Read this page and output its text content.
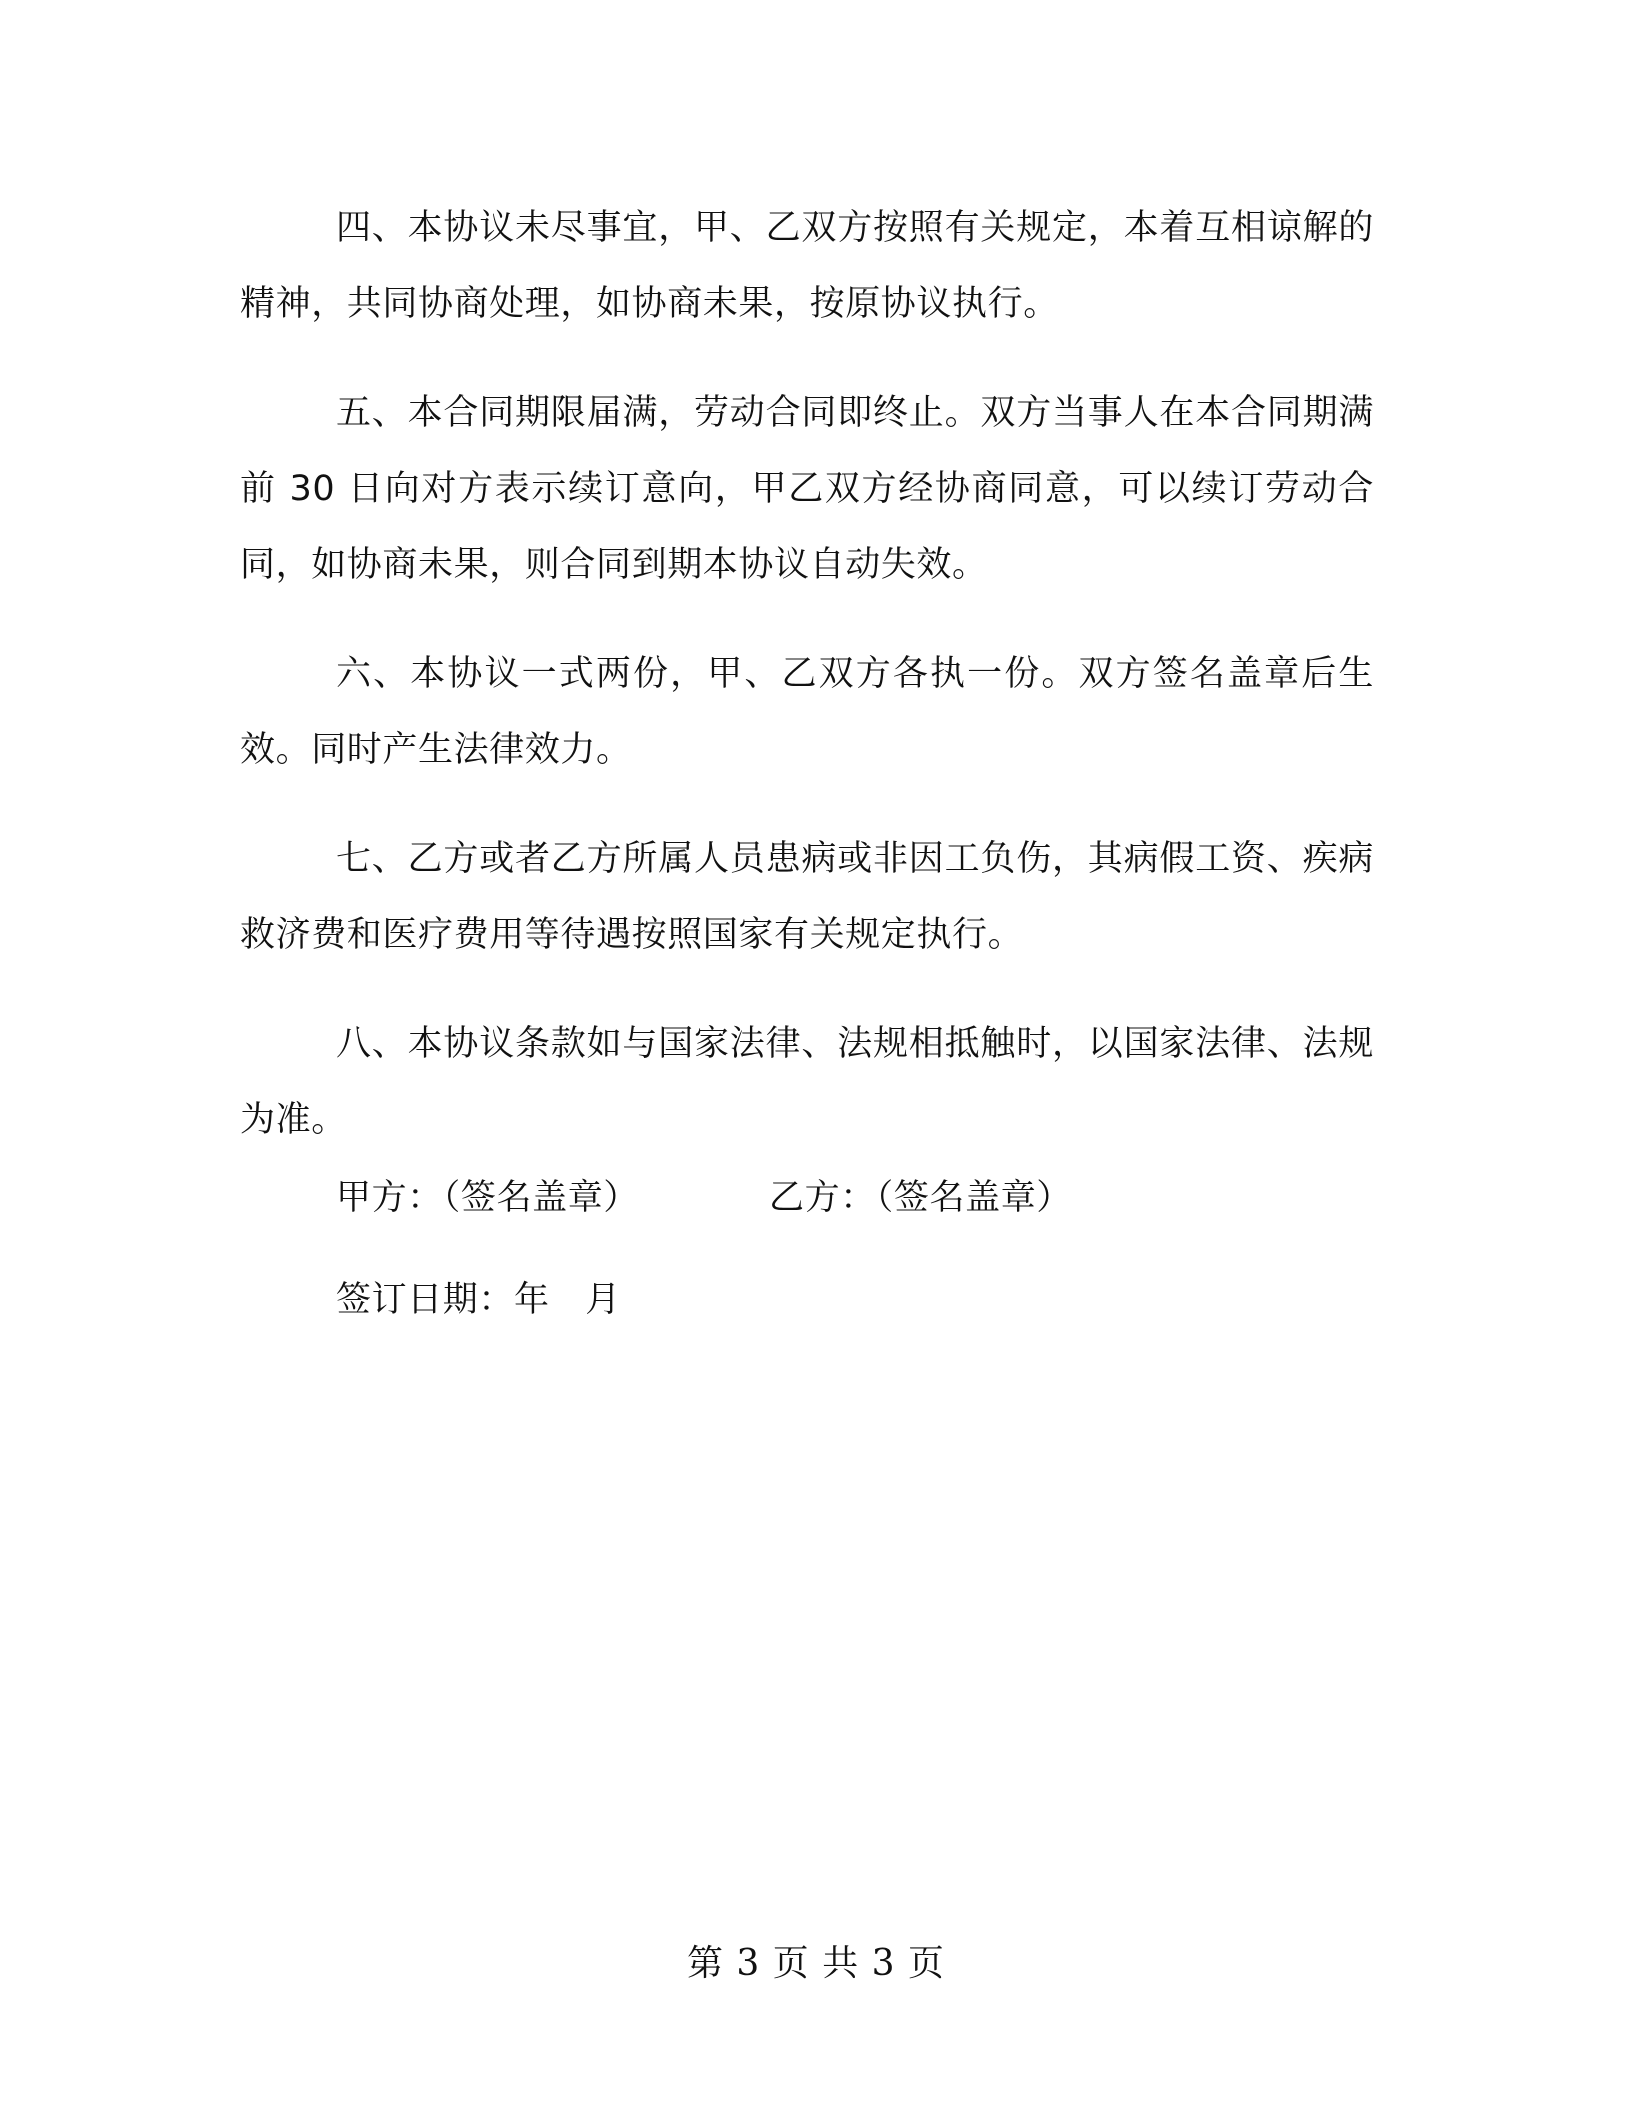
四、本协议未尽事宜，甲、乙双方按照有关规定，本着互相谅解的精神，共同协商处理，如协商未果，按原协议执行。

五、本合同期限届满，劳动合同即终止。双方当事人在本合同期满前 30 日向对方表示续订意向，甲乙双方经协商同意，可以续订劳动合同，如协商未果，则合同到期本协议自动失效。

六、本协议一式两份，甲、乙双方各执一份。双方签名盖章后生效。同时产生法律效力。

七、乙方或者乙方所属人员患病或非因工负伤，其病假工资、疾病救济费和医疗费用等待遇按照国家有关规定执行。

八、本协议条款如与国家法律、法规相抵触时，以国家法律、法规为准。

甲方：（签名盖章）	乙方：（签名盖章）
签订日期：年　月
第 3 页 共 3 页
